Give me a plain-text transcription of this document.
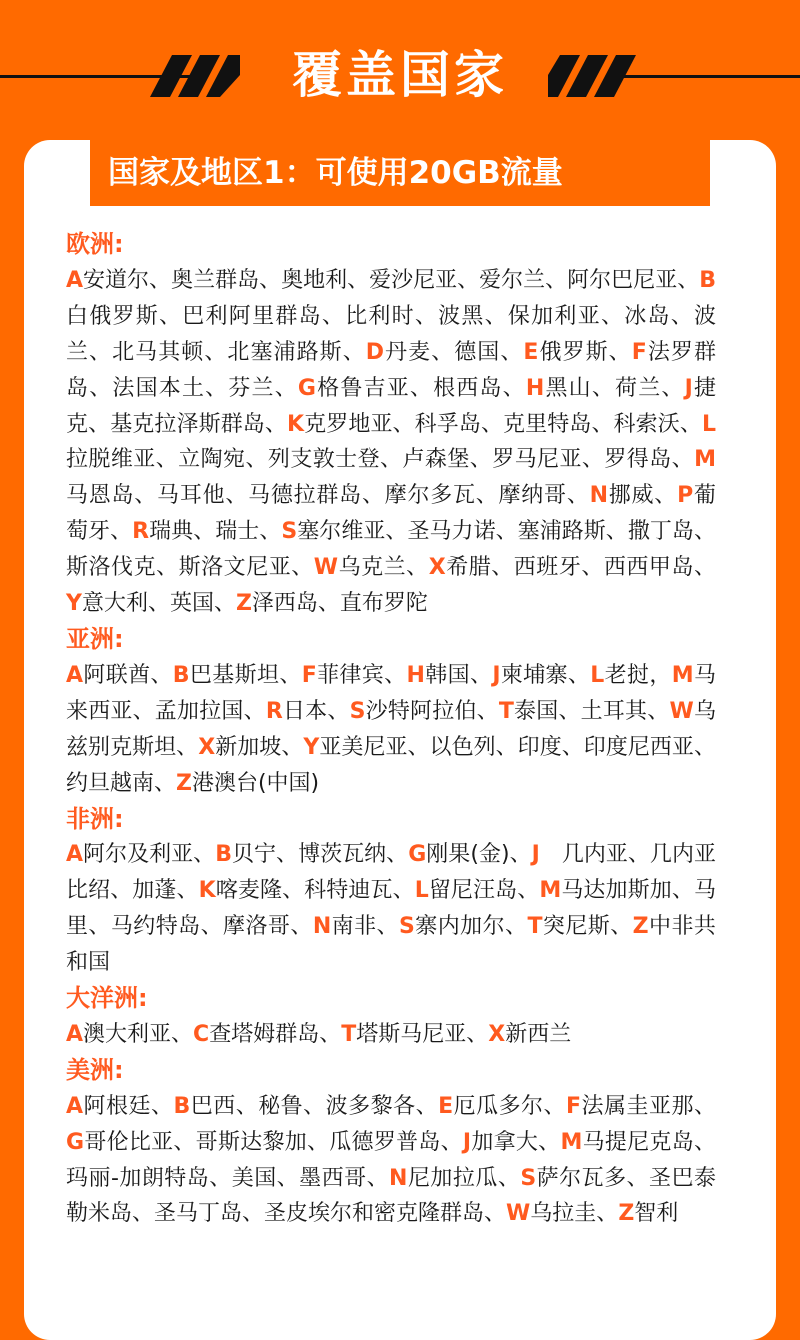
覆盖国家
国家及地区1：可使用20GB流量
欧洲:
A安道尔、奥兰群岛、奥地利、爱沙尼亚、爱尔兰、阿尔巴尼亚、B白俄罗斯、巴利阿里群岛、比利时、波黑、保加利亚、冰岛、波兰、北马其顿、北塞浦路斯、D丹麦、德国、E俄罗斯、F法罗群岛、法国本土、芬兰、G格鲁吉亚、根西岛、H黑山、荷兰、J捷克、基克拉泽斯群岛、K克罗地亚、科孚岛、克里特岛、科索沃、L拉脱维亚、立陶宛、列支敦士登、卢森堡、罗马尼亚、罗得岛、M马恩岛、马耳他、马德拉群岛、摩尔多瓦、摩纳哥、N挪威、P葡萄牙、R瑞典、瑞士、S塞尔维亚、圣马力诺、塞浦路斯、撒丁岛、斯洛伐克、斯洛文尼亚、W乌克兰、X希腊、西班牙、西西甲岛、Y意大利、英国、Z泽西岛、直布罗陀
亚洲:
A阿联酋、B巴基斯坦、F菲律宾、H韩国、J柬埔寨、L老挝，M马来西亚、孟加拉国、R日本、S沙特阿拉伯、T泰国、土耳其、W乌兹别克斯坦、X新加坡、Y亚美尼亚、以色列、印度、印度尼西亚、约旦越南、Z港澳台(中国)
非洲:
A阿尔及利亚、B贝宁、博茨瓦纳、G刚果(金)、J　几内亚、几内亚比绍、加蓬、K喀麦隆、科特迪瓦、L留尼汪岛、M马达加斯加、马里、马约特岛、摩洛哥、N南非、S寨内加尔、T突尼斯、Z中非共和国
大洋洲:
A澳大利亚、C查塔姆群岛、T塔斯马尼亚、X新西兰
美洲:
A阿根廷、B巴西、秘鲁、波多黎各、E厄瓜多尔、F法属圭亚那、G哥伦比亚、哥斯达黎加、瓜德罗普岛、J加拿大、M马提尼克岛、玛丽-加朗特岛、美国、墨西哥、N尼加拉瓜、S萨尔瓦多、圣巴泰勒米岛、圣马丁岛、圣皮埃尔和密克隆群岛、W乌拉圭、Z智利
